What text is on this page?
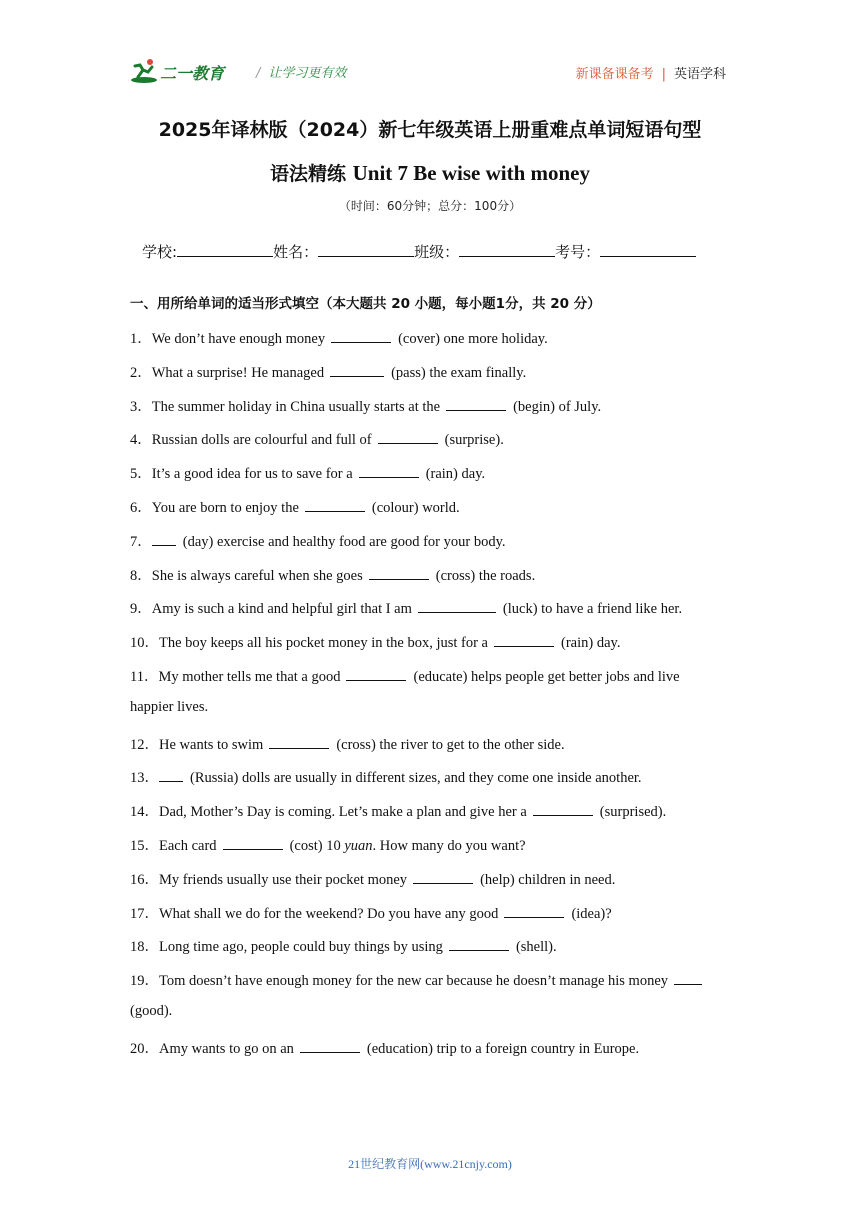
二一教育 / 让学习更有效	新课备课备考 | 英语学科
2025年译林版（2024）新七年级英语上册重难点单词短语句型
语法精练 Unit 7 Be wise with money
（时间：60分钟；总分：100分）
学校:	姓名：	班级：	考号：
一、用所给单词的适当形式填空（本大题共 20 小题，每小题1分，共 20 分）
1．We don’t have enough money	(cover) one more holiday.
2．What a surprise! He managed	(pass) the exam finally.
3．The summer holiday in China usually starts at the	(begin) of July.
4．Russian dolls are colourful and full of	(surprise).
5．It’s a good idea for us to save for a	(rain) day.
6．You are born to enjoy the	(colour) world.
7． (day) exercise and healthy food are good for your body.
8．She is always careful when she goes	(cross) the roads.
9．Amy is such a kind and helpful girl that I am	(luck) to have a friend like her.
10．The boy keeps all his pocket money in the box, just for a	(rain) day.
11．My mother tells me that a good	(educate) helps people get better jobs and live
happier lives.
12．He wants to swim	(cross) the river to get to the other side.
13． (Russia) dolls are usually in different sizes, and they come one inside another.
14．Dad, Mother’s Day is coming. Let’s make a plan and give her a	(surprised).
15．Each card	(cost) 10 yuan. How many do you want?
16．My friends usually use their pocket money	(help) children in need.
17．What shall we do for the weekend? Do you have any good	(idea)?
18．Long time ago, people could buy things by using	(shell).
19．Tom doesn’t have enough money for the new car because he doesn’t manage his money
(good).
20．Amy wants to go on an	(education) trip to a foreign country in Europe.
21世纪教育网(www.21cnjy.com)
